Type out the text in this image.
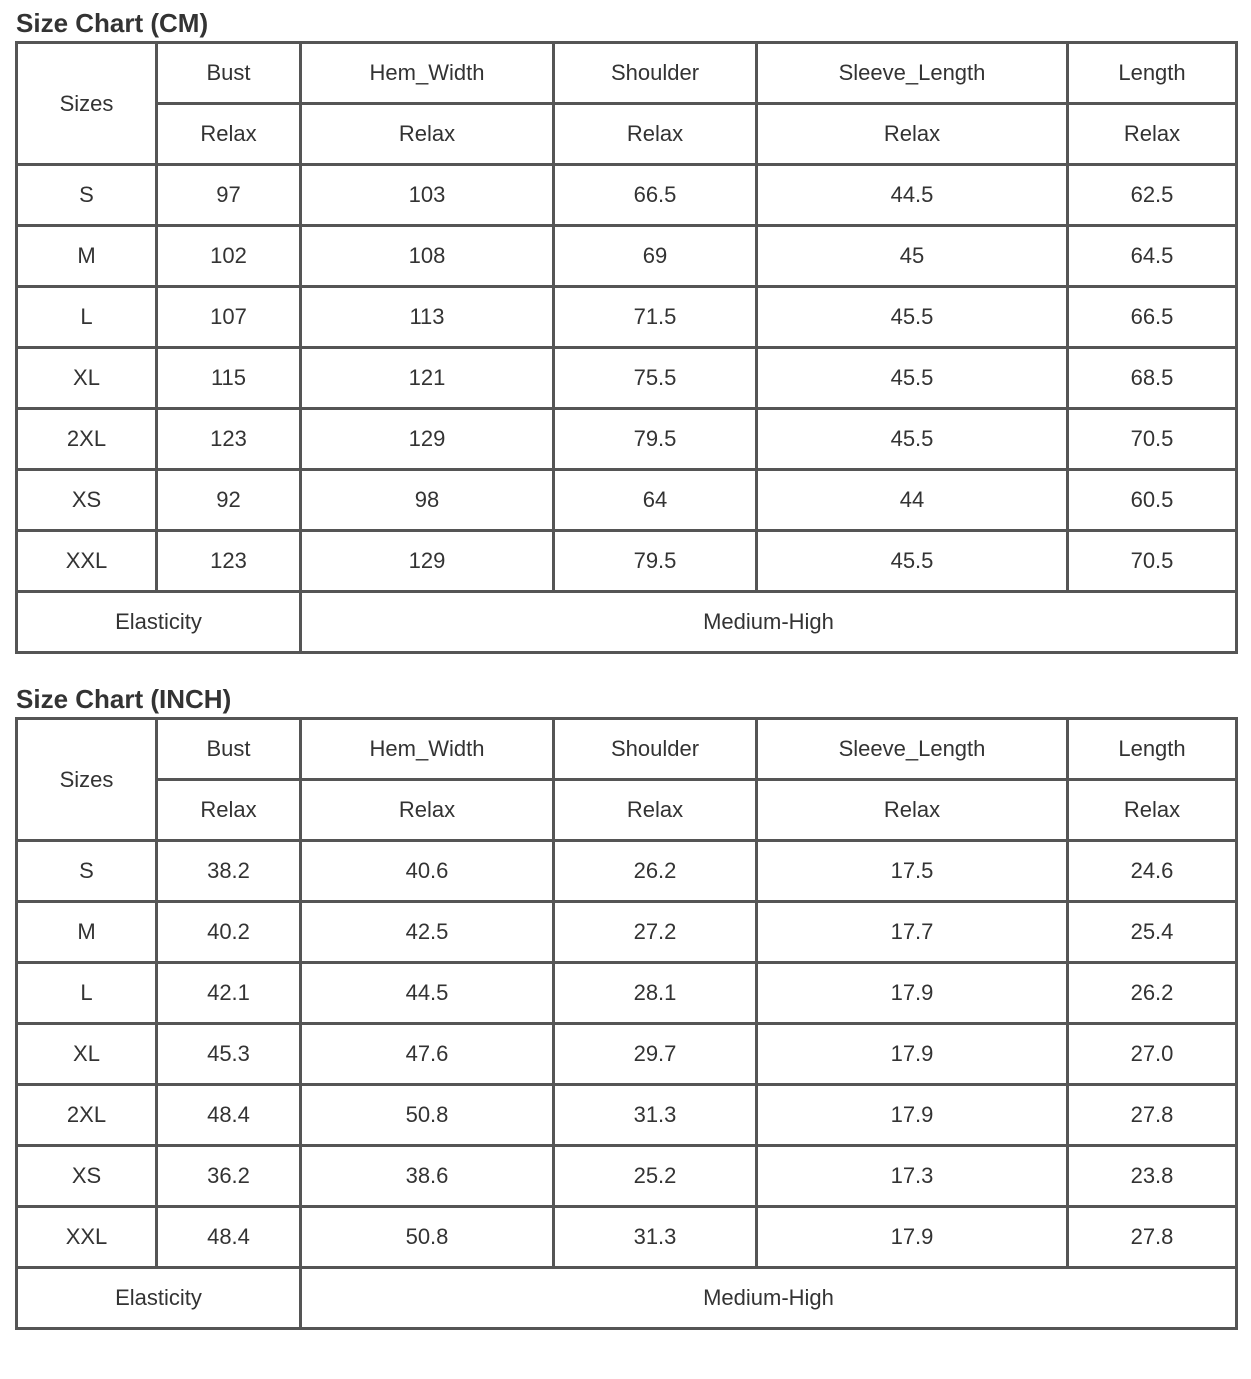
Size Chart (CM)
Sizes	Bust	Hem_Width	Shoulder	Sleeve_Length	Length
	Relax	Relax	Relax	Relax	Relax
S	97	103	66.5	44.5	62.5
M	102	108	69	45	64.5
L	107	113	71.5	45.5	66.5
XL	115	121	75.5	45.5	68.5
2XL	123	129	79.5	45.5	70.5
XS	92	98	64	44	60.5
XXL	123	129	79.5	45.5	70.5
Elasticity		Medium-High			
Size Chart (INCH)
Sizes	Bust	Hem_Width	Shoulder	Sleeve_Length	Length
	Relax	Relax	Relax	Relax	Relax
S	38.2	40.6	26.2	17.5	24.6
M	40.2	42.5	27.2	17.7	25.4
L	42.1	44.5	28.1	17.9	26.2
XL	45.3	47.6	29.7	17.9	27.0
2XL	48.4	50.8	31.3	17.9	27.8
XS	36.2	38.6	25.2	17.3	23.8
XXL	48.4	50.8	31.3	17.9	27.8
Elasticity		Medium-High			
